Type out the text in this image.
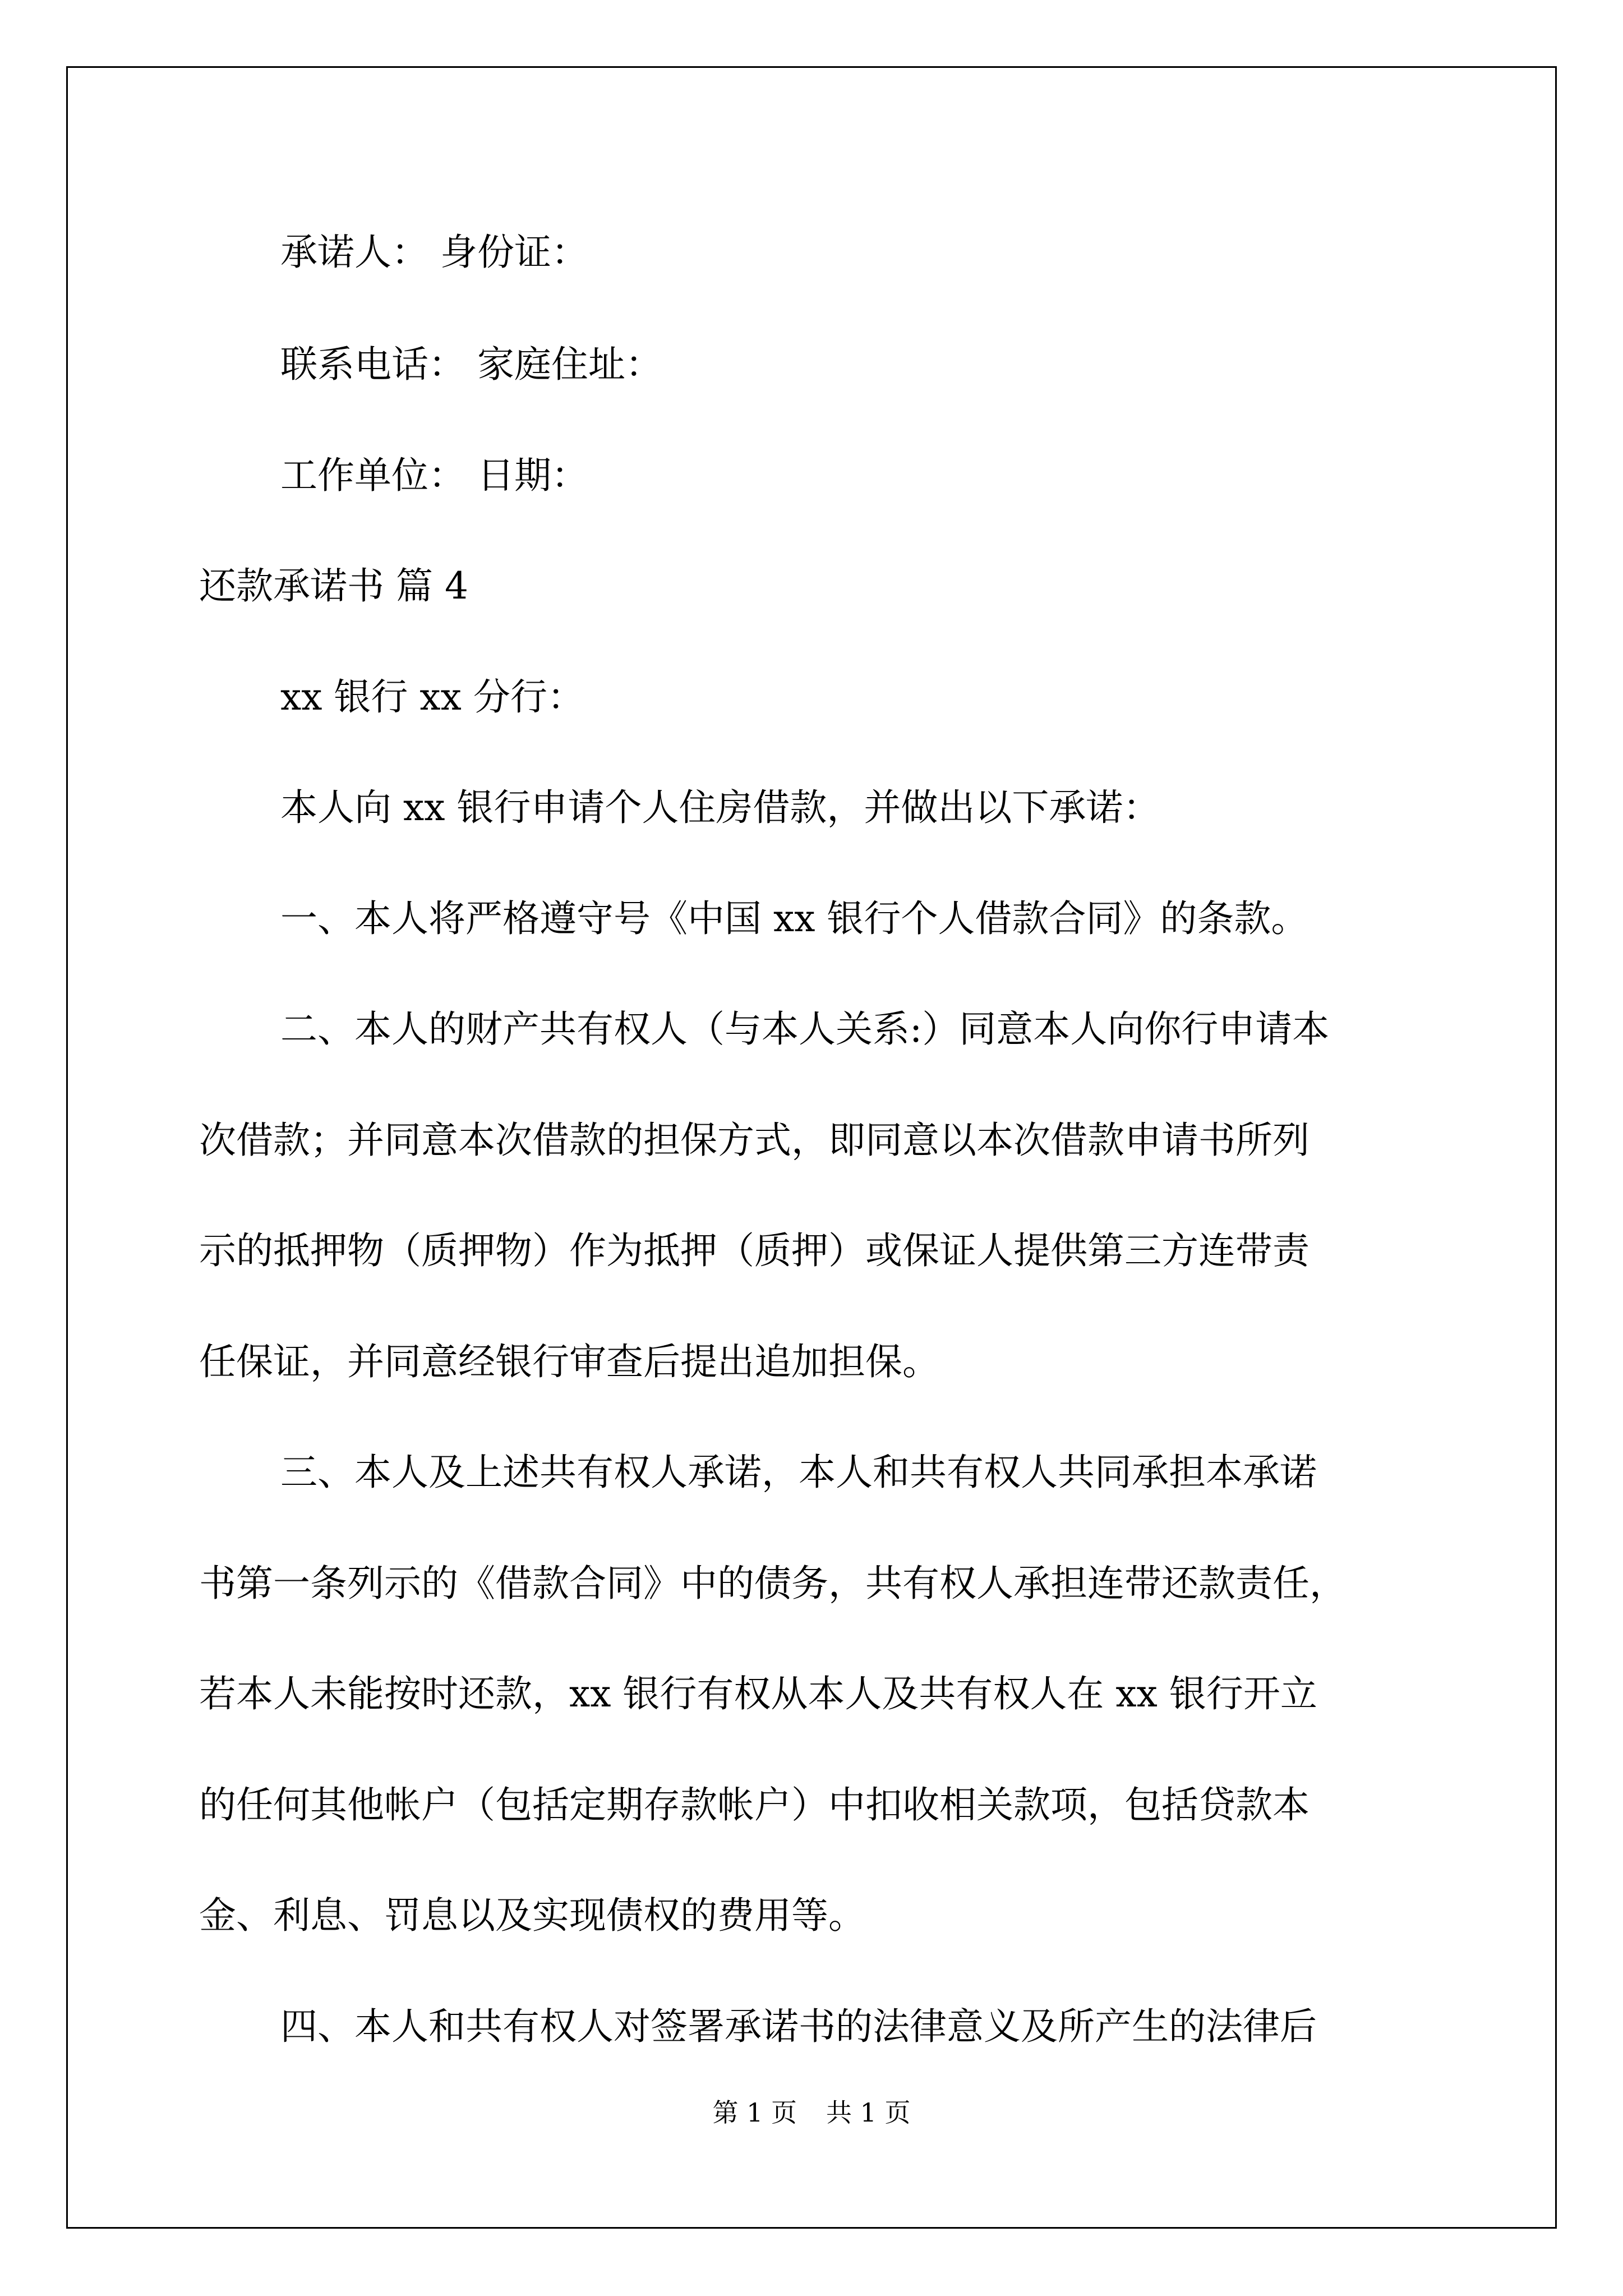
承诺人： 身份证：

联系电话： 家庭住址：

工作单位： 日期：

还款承诺书 篇 4

xx 银行 xx 分行：

本人向 xx 银行申请个人住房借款，并做出以下承诺：

一、本人将严格遵守号《中国 xx 银行个人借款合同》的条款。

二、本人的财产共有权人（与本人关系:）同意本人向你行申请本

次借款；并同意本次借款的担保方式，即同意以本次借款申请书所列

示的抵押物（质押物）作为抵押（质押）或保证人提供第三方连带责

任保证，并同意经银行审查后提出追加担保。

三、本人及上述共有权人承诺，本人和共有权人共同承担本承诺

书第一条列示的《借款合同》中的债务，共有权人承担连带还款责任，

若本人未能按时还款，xx 银行有权从本人及共有权人在 xx 银行开立

的任何其他帐户（包括定期存款帐户）中扣收相关款项，包括贷款本

金、利息、罚息以及实现债权的费用等。

四、本人和共有权人对签署承诺书的法律意义及所产生的法律后

第 1 页 共 1 页
